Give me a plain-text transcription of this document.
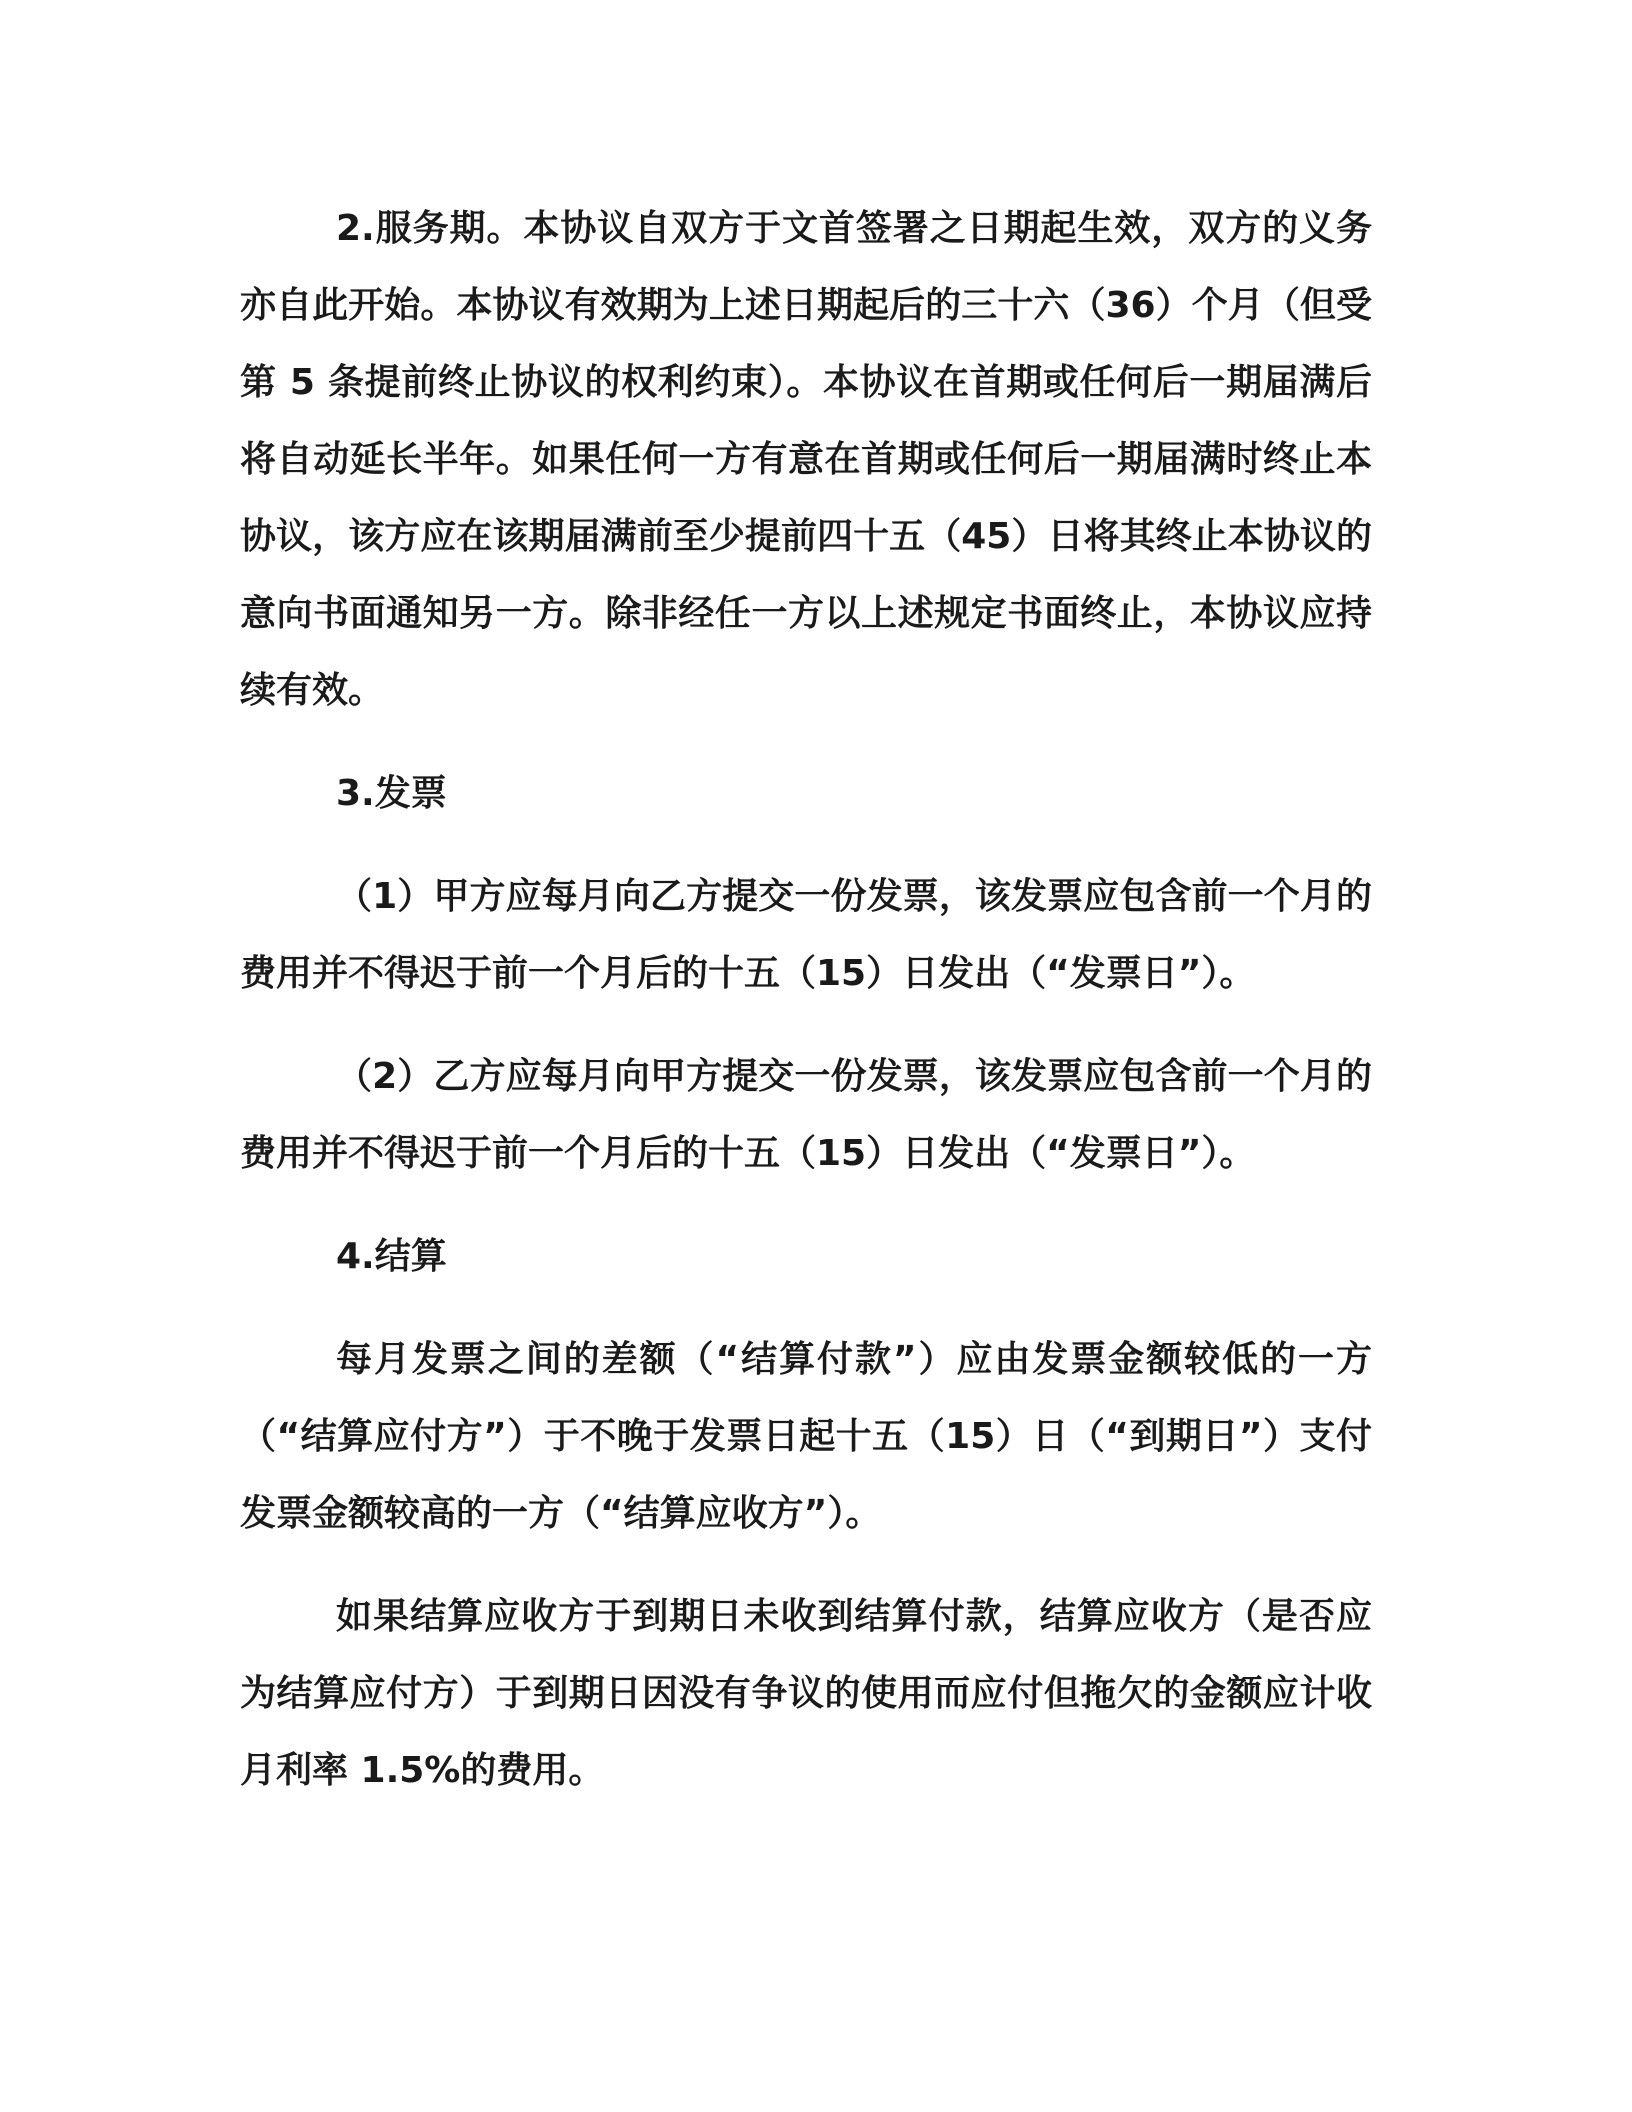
2.服务期。本协议自双方于文首签署之日期起生效，双方的义务亦自此开始。本协议有效期为上述日期起后的三十六（36）个月（但受第 5 条提前终止协议的权利约束）。本协议在首期或任何后一期届满后将自动延长半年。如果任何一方有意在首期或任何后一期届满时终止本协议，该方应在该期届满前至少提前四十五（45）日将其终止本协议的意向书面通知另一方。除非经任一方以上述规定书面终止，本协议应持续有效。

3.发票

（1）甲方应每月向乙方提交一份发票，该发票应包含前一个月的费用并不得迟于前一个月后的十五（15）日发出（“发票日”）。

（2）乙方应每月向甲方提交一份发票，该发票应包含前一个月的费用并不得迟于前一个月后的十五（15）日发出（“发票日”）。

4.结算

每月发票之间的差额（“结算付款”）应由发票金额较低的一方（“结算应付方”）于不晚于发票日起十五（15）日（“到期日”）支付发票金额较高的一方（“结算应收方”）。

如果结算应收方于到期日未收到结算付款，结算应收方（是否应为结算应付方）于到期日因没有争议的使用而应付但拖欠的金额应计收月利率 1.5%的费用。
